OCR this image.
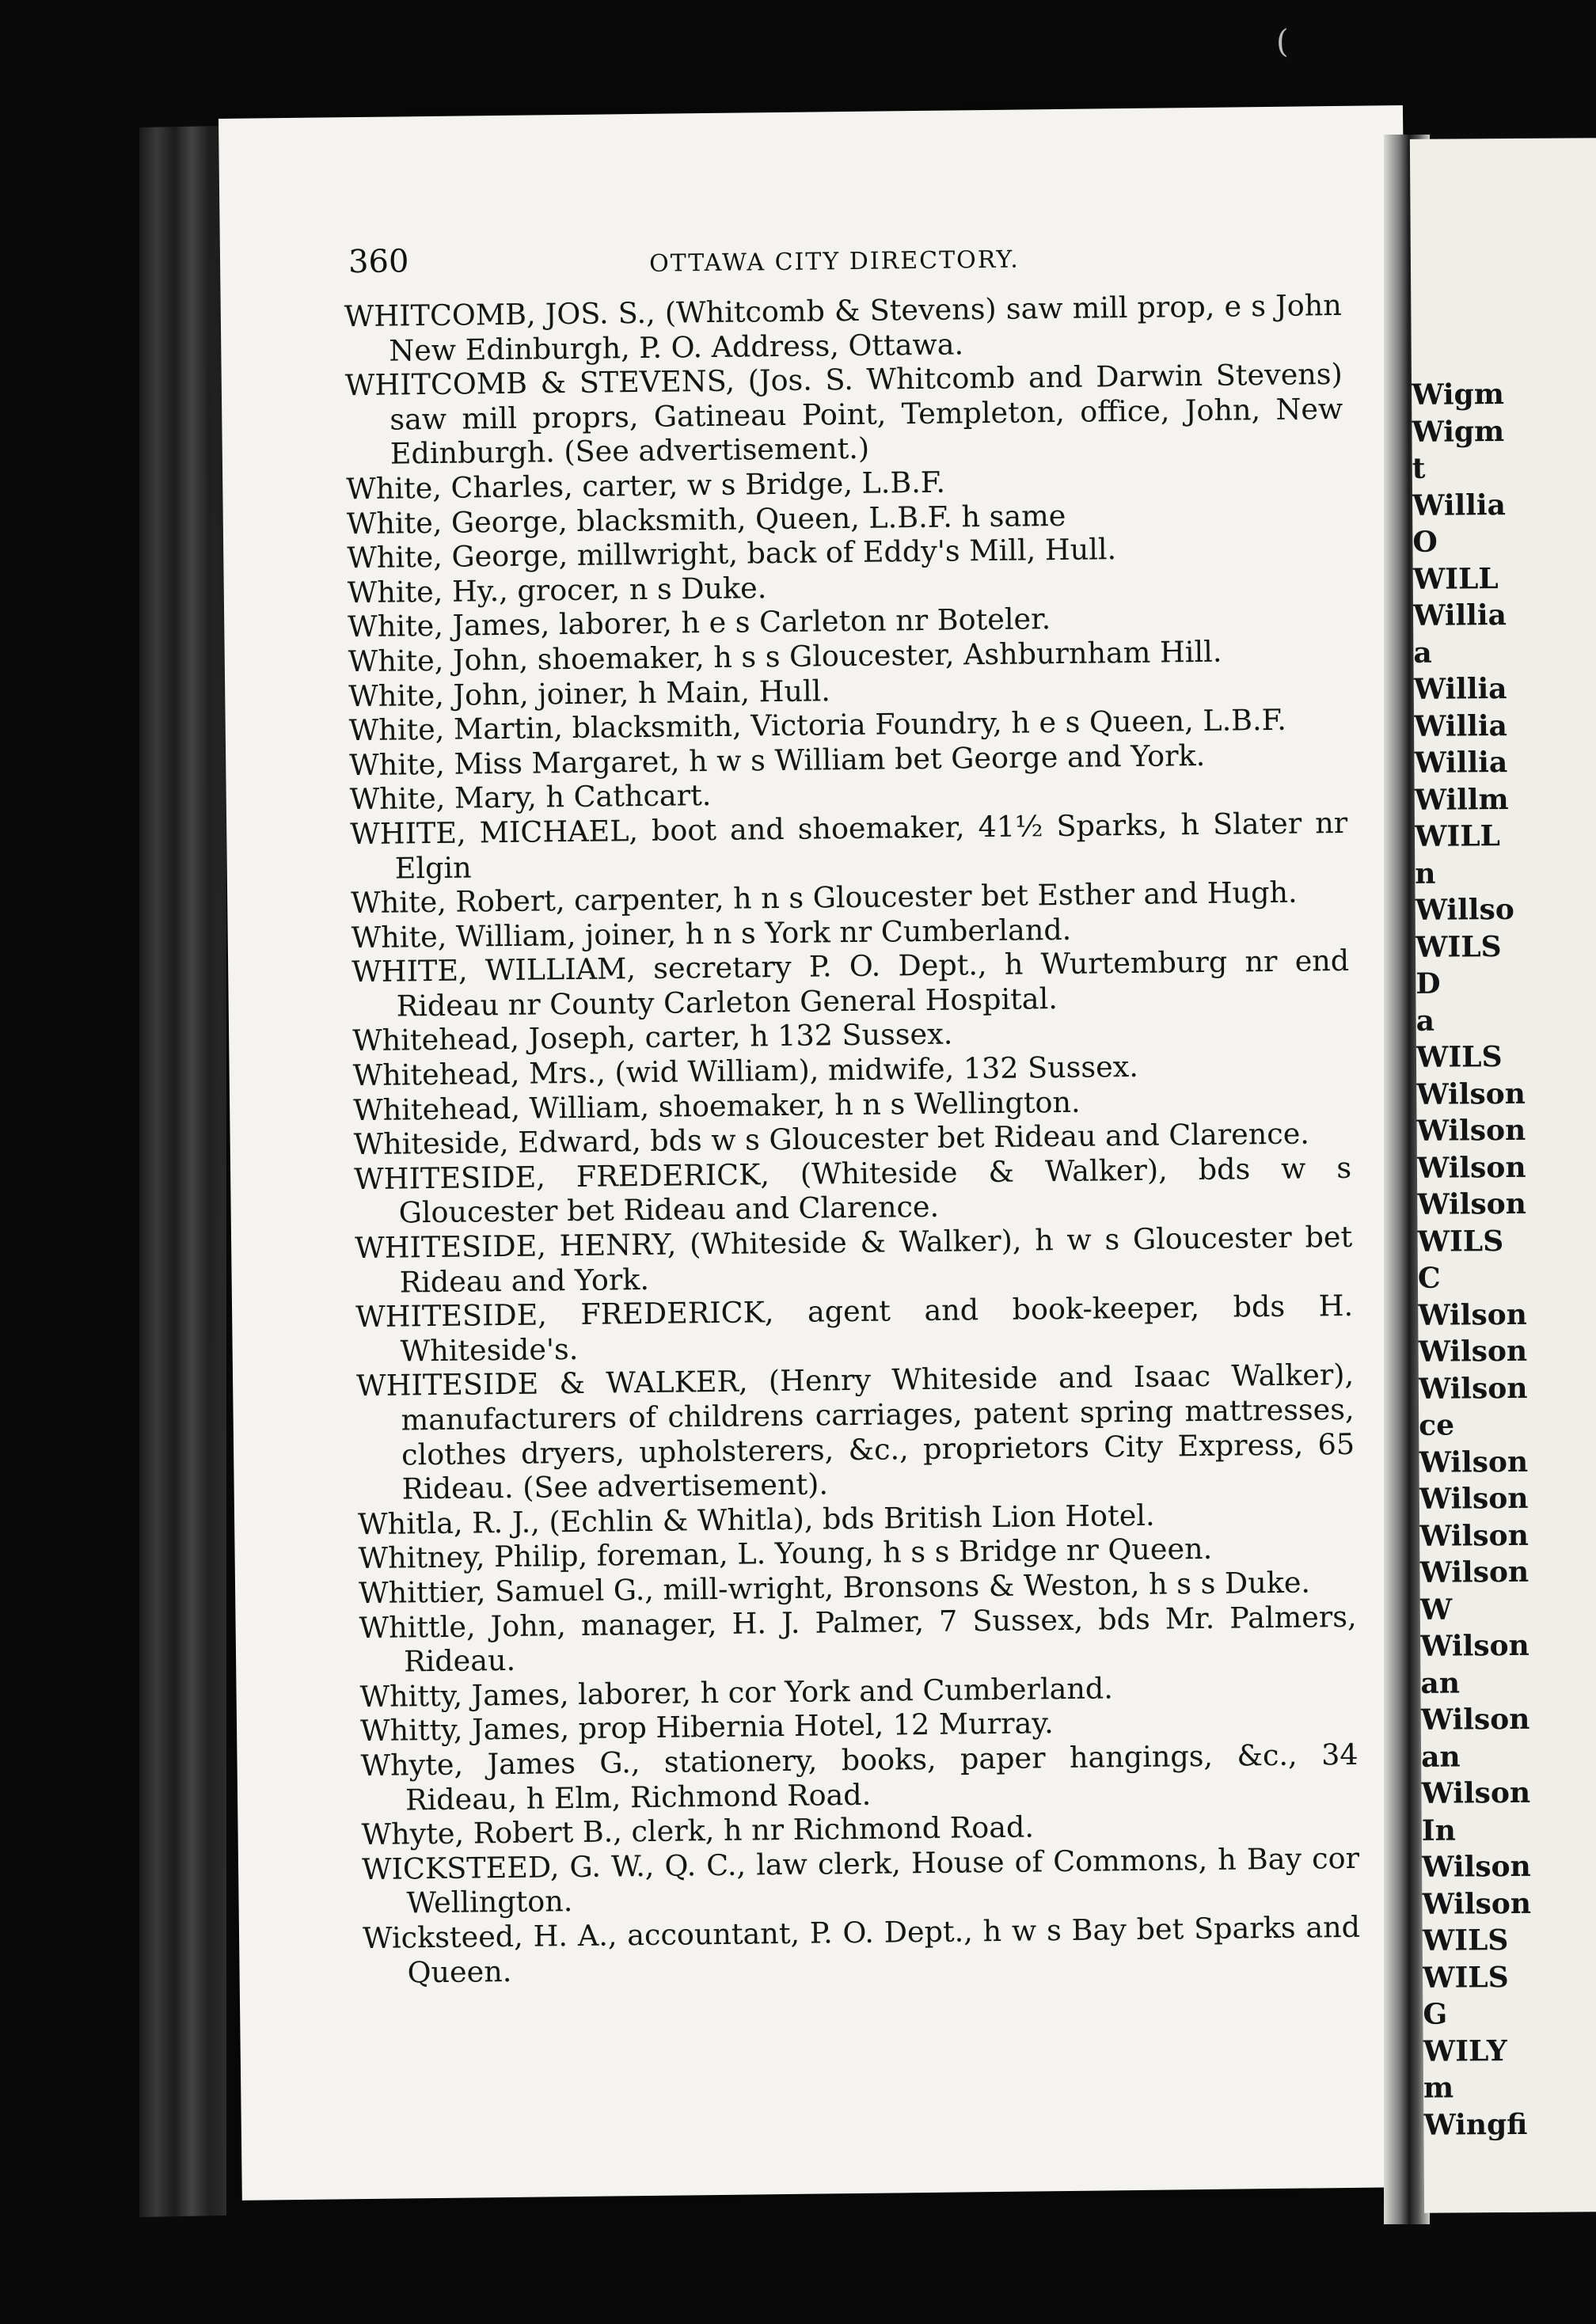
360	OTTAWA CITY DIRECTORY.

WHITCOMB, JOS. S., (Whitcomb & Stevens) saw mill prop, e s John New Edinburgh, P. O. Address, Ottawa.

WHITCOMB & STEVENS, (Jos. S. Whitcomb and Darwin Stevens) saw mill proprs, Gatineau Point, Templeton, office, John, New Edinburgh. (See advertisement.)

White, Charles, carter, w s Bridge, L.B.F.

White, George, blacksmith, Queen, L.B.F. h same

White, George, millwright, back of Eddy's Mill, Hull.

White, Hy., grocer, n s Duke.

White, James, laborer, h e s Carleton nr Boteler.

White, John, shoemaker, h s s Gloucester, Ashburnham Hill.

White, John, joiner, h Main, Hull.

White, Martin, blacksmith, Victoria Foundry, h e s Queen, L.B.F.

White, Miss Margaret, h w s William bet George and York.

White, Mary, h Cathcart.

WHITE, MICHAEL, boot and shoemaker, 41½ Sparks, h Slater nr Elgin

White, Robert, carpenter, h n s Gloucester bet Esther and Hugh.

White, William, joiner, h n s York nr Cumberland.

WHITE, WILLIAM, secretary P. O. Dept., h Wurtemburg nr end Rideau nr County Carleton General Hospital.

Whitehead, Joseph, carter, h 132 Sussex.

Whitehead, Mrs., (wid William), midwife, 132 Sussex.

Whitehead, William, shoemaker, h n s Wellington.

Whiteside, Edward, bds w s Gloucester bet Rideau and Clarence.

WHITESIDE, FREDERICK, (Whiteside & Walker), bds w s Gloucester bet Rideau and Clarence.

WHITESIDE, HENRY, (Whiteside & Walker), h w s Gloucester bet Rideau and York.

WHITESIDE, FREDERICK, agent and book-keeper, bds H. Whiteside's.

WHITESIDE & WALKER, (Henry Whiteside and Isaac Walker), manufacturers of childrens carriages, patent spring mattresses, clothes dryers, upholsterers, &c., proprietors City Express, 65 Rideau. (See advertisement).

Whitla, R. J., (Echlin & Whitla), bds British Lion Hotel.

Whitney, Philip, foreman, L. Young, h s s Bridge nr Queen.

Whittier, Samuel G., mill-wright, Bronsons & Weston, h s s Duke.

Whittle, John, manager, H. J. Palmer, 7 Sussex, bds Mr. Palmers, Rideau.

Whitty, James, laborer, h cor York and Cumberland.

Whitty, James, prop Hibernia Hotel, 12 Murray.

Whyte, James G., stationery, books, paper hangings, &c., 34 Rideau, h Elm, Richmond Road.

Whyte, Robert B., clerk, h nr Richmond Road.

WICKSTEED, G. W., Q. C., law clerk, House of Commons, h Bay cor Wellington.

Wicksteed, H. A., accountant, P. O. Dept., h w s Bay bet Sparks and Queen.

Wigm
Wigm
t
Willia
O
WILL
Willia
a
Willia
Willia
Willia
Willm
WILL
n
Willso
WILS
D
a
WILS
Wilson
Wilson
Wilson
Wilson
WILS
C
Wilson
Wilson
Wilson
ce
Wilson
Wilson
Wilson
Wilson
W
Wilson
an
Wilson
an
Wilson
In
Wilson
Wilson
WILS
WILS
G
WILY
m
Wingfi
(
